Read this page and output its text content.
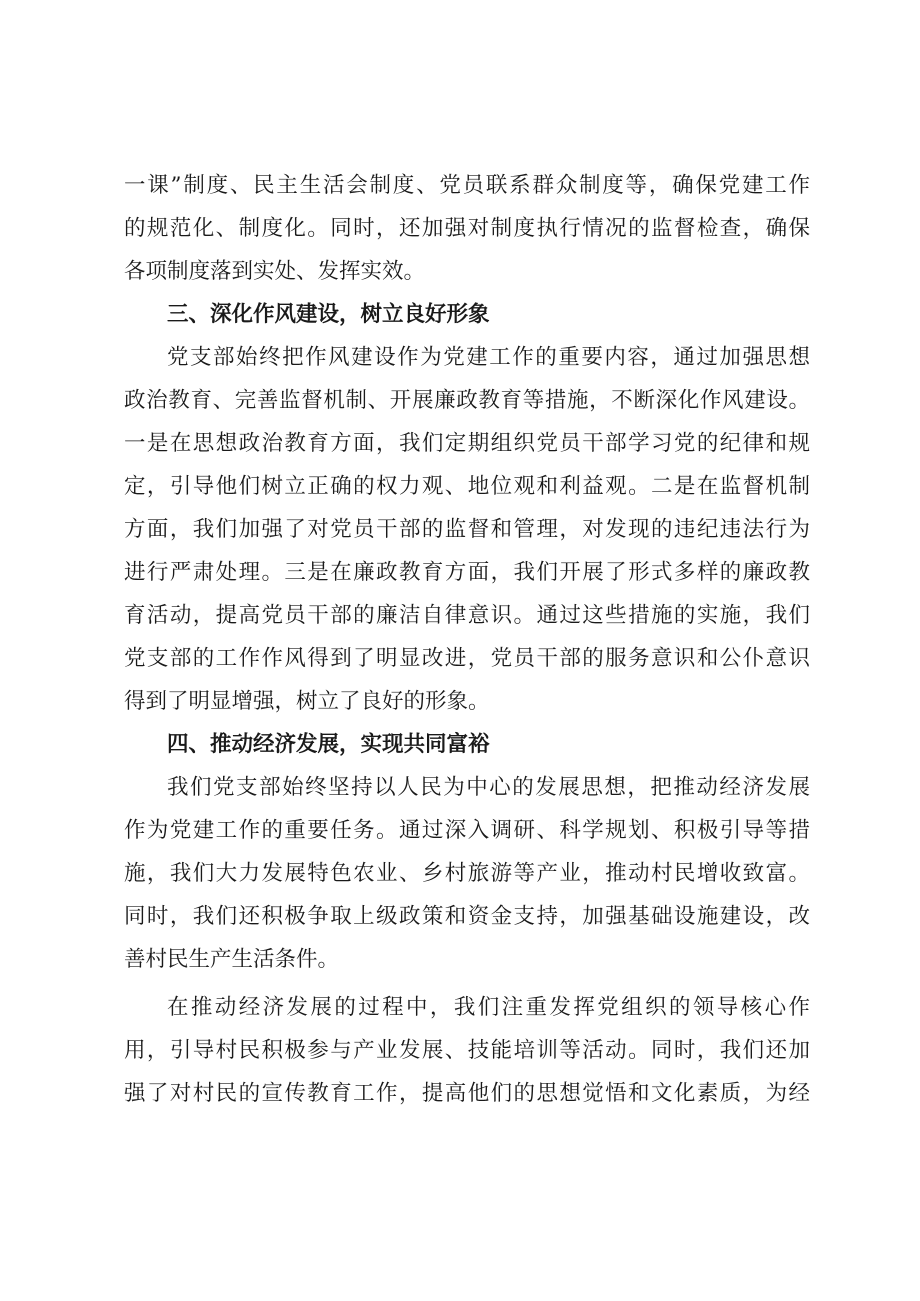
一课”制度、民主生活会制度、党员联系群众制度等，确保党建工作
的规范化、制度化。同时，还加强对制度执行情况的监督检查，确保
各项制度落到实处、发挥实效。
三、深化作风建设，树立良好形象
党支部始终把作风建设作为党建工作的重要内容，通过加强思想
政治教育、完善监督机制、开展廉政教育等措施，不断深化作风建设。
一是在思想政治教育方面，我们定期组织党员干部学习党的纪律和规
定，引导他们树立正确的权力观、地位观和利益观。二是在监督机制
方面，我们加强了对党员干部的监督和管理，对发现的违纪违法行为
进行严肃处理。三是在廉政教育方面，我们开展了形式多样的廉政教
育活动，提高党员干部的廉洁自律意识。通过这些措施的实施，我们
党支部的工作作风得到了明显改进，党员干部的服务意识和公仆意识
得到了明显增强，树立了良好的形象。
四、推动经济发展，实现共同富裕
我们党支部始终坚持以人民为中心的发展思想，把推动经济发展
作为党建工作的重要任务。通过深入调研、科学规划、积极引导等措
施，我们大力发展特色农业、乡村旅游等产业，推动村民增收致富。
同时，我们还积极争取上级政策和资金支持，加强基础设施建设，改
善村民生产生活条件。
在推动经济发展的过程中，我们注重发挥党组织的领导核心作
用，引导村民积极参与产业发展、技能培训等活动。同时，我们还加
强了对村民的宣传教育工作，提高他们的思想觉悟和文化素质，为经
